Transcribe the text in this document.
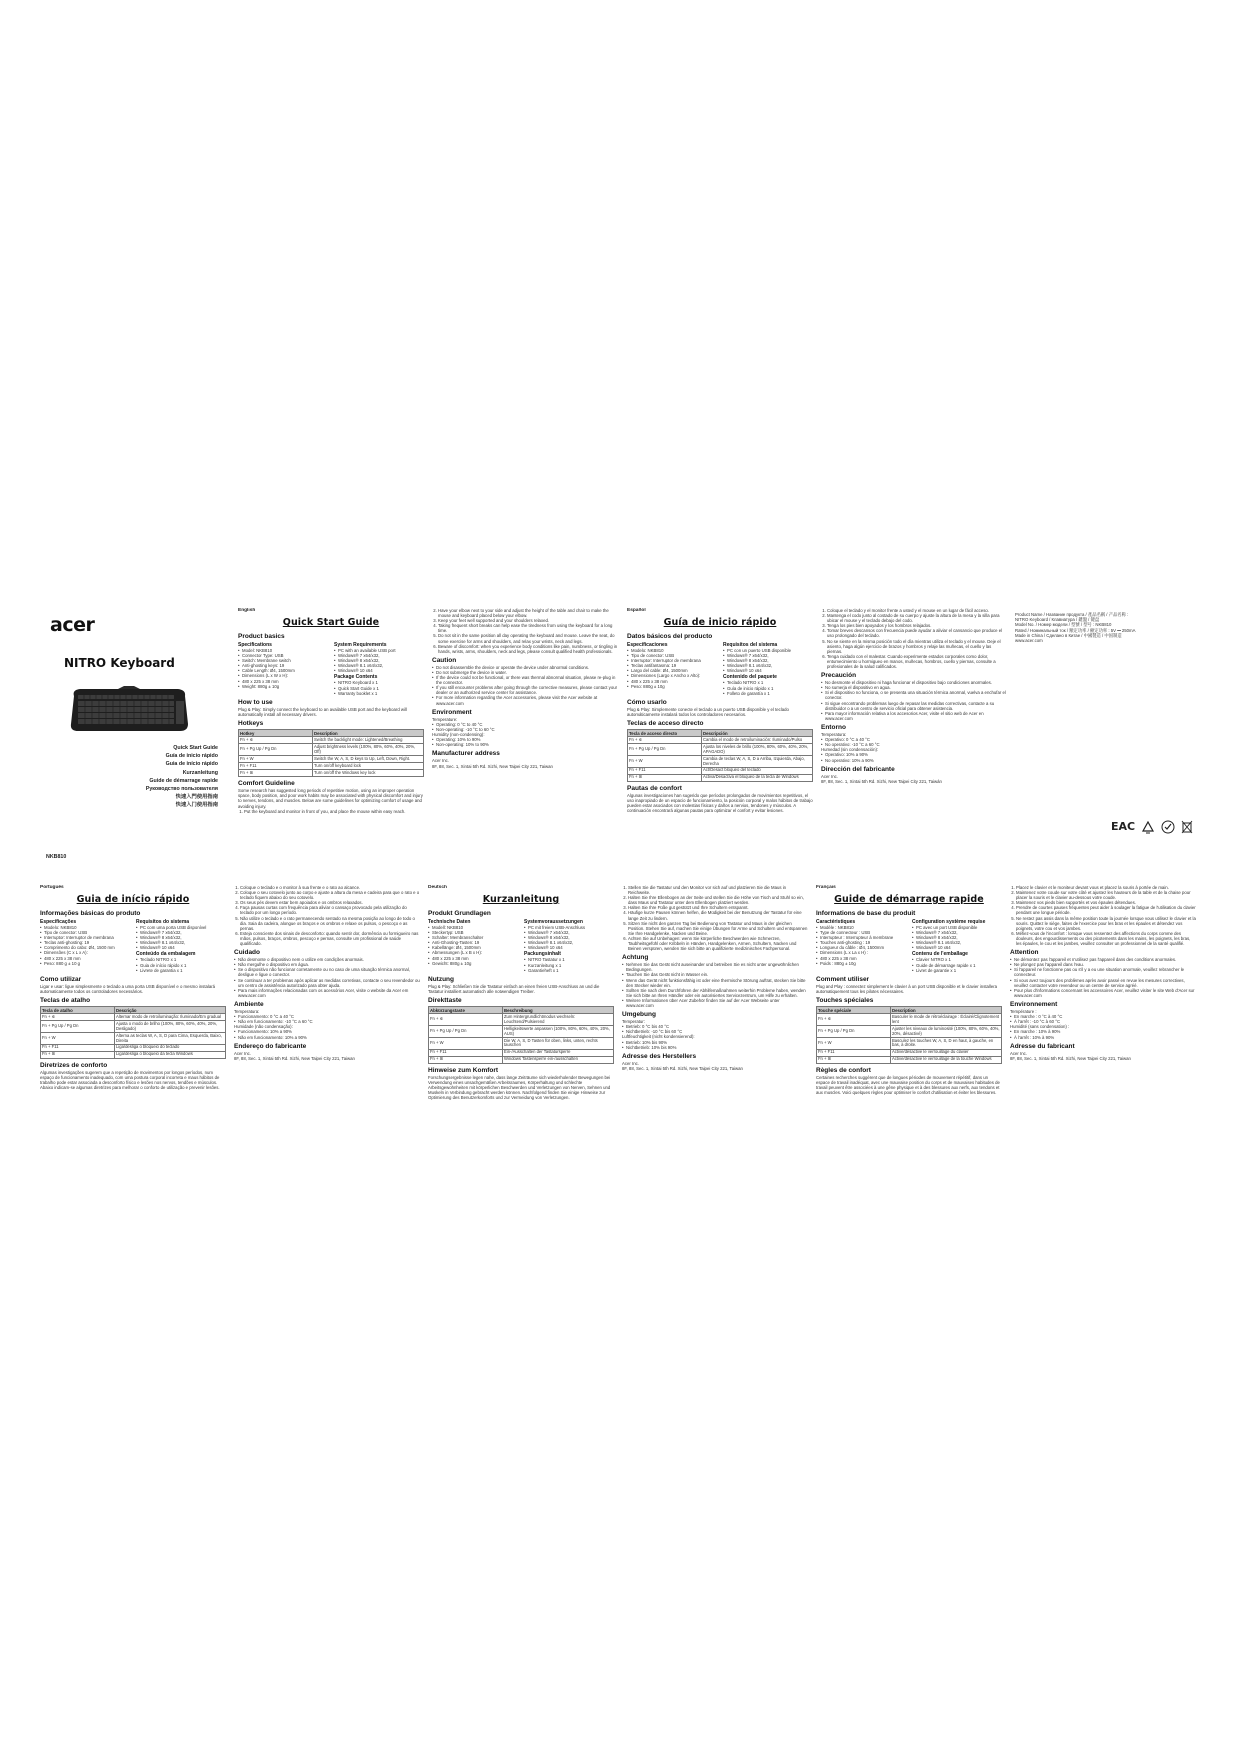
acer
NITRO Keyboard
Quick Start Guide
Guía de inicio rápido
Guia de início rápido
Kurzanleitung
Guide de démarrage rapide
Руководство пользователя
快速入門使用指南
快速入门使用指南
NKB810
English
Quick Start Guide
Product basics
Specifications
• Model: NKB810
• Connector Type: USB
• Switch: Membrane switch
• Anti-ghosting keys: 19
• Cable Length: Ø4, 1500mm
• Dimensions (L x W x H):
• 480 x 225 x 38 mm
• Weight: 880g ± 10g
System Requirements
• PC with an available USB port
• Windows® 7 x64/x32,
• Windows® 8 x64/x32,
• Windows® 8.1 x64/x32,
• Windows® 10 x64
Package Contents
• NITRO Keyboard x 1
• Quick Start Guide x 1
• Warranty booklet x 1
How to use

Plug & Play: Simply connect the keyboard to an available USB port and the keyboard will automatically install all necessary drivers.

Hotkeys
Hotkey	Description
Fn + ✲	Switch the backlight mode: Lightened/Breathing
Fn + Pg Up / Pg Dn	Adjust brightness levels (100%, 80%, 60%, 40%, 20%, Off)
Fn + W	Switch the W, A, S, D keys to Up, Left, Down, Right.
Fn + F11	Turn on/off keyboard lock
Fn + ⊞	Turn on/off the Windows key lock
Comfort Guideline

Some research has suggested long periods of repetitive motion, using an improper operation space, body position, and poor work habits may be associated with physical discomfort and injury to nerves, tendons, and muscles. Below are some guidelines for optimizing comfort of usage and avoiding injury.

1. Put the keyboard and monitor in front of you, and place the mouse within easy reach.
2. Have your elbow next to your side and adjust the height of the table and chair to make the mouse and keyboard placed below your elbow.
3. Keep your feet well supported and your shoulders relaxed.
4. Taking frequent short breaks can help ease the tiredness from using the keyboard for a long time.
5. Do not sit in the same position all day operating the keyboard and mouse. Leave the seat, do some exercise for arms and shoulders, and relax your wrists, neck and legs.
6. Beware of discomfort: when you experience body conditions like pain, numbness, or tingling in hands, wrists, arms, shoulders, neck and legs, please consult qualified health professionals.
Caution
• Do not disassemble the device or operate the device under abnormal conditions.
• Do not submerge the device in water.
• If the device could not be functional, or there was thermal abnormal situation, please re-plug in the connector.
• If you still encounter problems after going through the corrective measures, please contact your dealer or an authorized service center for assistance.
• For more information regarding the Acer accessories, please visit the Acer website at www.acer.com
Environment

Temperature:

• Operating: 0 °C to 40 °C
• Non-operating: -10 °C to 60 °C

Humidity (non-condensing):

• Operating: 10% to 90%
• Non-operating: 10% to 90%
Manufacturer address

Acer Inc.
8F, 88, Sec. 1, Xintai 5th Rd. Xizhi, New Taipei City 221, Taiwan

Español
Guía de inicio rápido
Datos básicos del producto
Especificaciones
• Modelo: NKB810
• Tipo de conector: USB
• Interruptor: Interruptor de membrana
• Teclas antifantasma: 19
• Largo del cable: Ø4, 1500mm
• Dimensiones (Largo x Ancho x Alto):
• 480 x 225 x 38 mm
• Peso: 880g ± 10g
Requisitos del sistema
• PC con un puerto USB disponible
• Windows® 7 x64/x32,
• Windows® 8 x64/x32,
• Windows® 8.1 x64/x32,
• Windows® 10 x64
Contenido del paquete
• Teclado NITRO x 1
• Guía de inicio rápido x 1
• Folleto de garantía x 1
Cómo usarlo

Plug & Play: Simplemente conecte el teclado a un puerto USB disponible y el teclado automáticamente instalará todos los controladores necesarios.

Teclas de acceso directo
Tecla de acceso directo	Descripción
Fn + ✲	Cambia el modo de retroiluminación: Iluminado/Pulso
Fn + Pg Up / Pg Dn	Ajusta los niveles de brillo (100%, 80%, 60%, 40%, 20%, APAGADO)
Fn + W	Cambia de teclas W, A, S, D a Arriba, Izquierda, Abajo, Derecha
Fn + F11	Act/Desact bloqueo del teclado
Fn + ⊞	Activa/Desactiva el bloqueo de la tecla de Windows
Pautas de confort

Algunas investigaciones han sugerido que períodos prolongados de movimientos repetitivos, el uso inapropiado de un espacio de funcionamiento, la posición corporal y malos hábitos de trabajo pueden estar asociados con molestias físicas y daños a nervios, tendones y músculos. A continuación encontrará algunas pautas para optimizar el confort y evitar lesiones.

1. Coloque el teclado y el monitor frente a usted y el mouse en un lugar de fácil acceso.
2. Mantenga el codo junto al costado de su cuerpo y ajuste la altura de la mesa y la silla para ubicar el mouse y el teclado debajo del codo.
3. Tenga los pies bien apoyados y los hombros relajados.
4. Tomar breves descansos con frecuencia puede ayudar a aliviar el cansancio que produce el uso prolongado del teclado.
5. No se siente en la misma posición todo el día mientras utiliza el teclado y el mouse. Deje el asiento, haga algún ejercicio de brazos y hombros y relaje las muñecas, el cuello y las piernas.
6. Tenga cuidado con el malestar. Cuando experimente estados corporales como dolor, entumecimiento u hormigueo en manos, muñecas, hombros, cuello y piernas, consulte a profesionales de la salud calificados.
Precaución
• No desmonte el dispositivo ni haga funcionar el dispositivo bajo condiciones anormales.
• No sumerja el dispositivo en agua.
• Si el dispositivo no funciona, o se presenta una situación térmica anormal, vuelva a enchufar el conector.
• Si sigue encontrando problemas luego de repasar las medidas correctivas, contacte a su distribuidor o a un centro de servicio oficial para obtener asistencia.
• Para mayor información relativa a los accesorios Acer, visite el sitio web de Acer en www.acer.com
Entorno

Temperatura:

• Operativo: 0 °C a 40 °C
• No operativo: -10 °C a 60 °C

Humedad (sin condensación):

• Operativo: 10% a 90%
• No operativo: 10% a 90%
Dirección del fabricante

Acer Inc.
8F, 88, Sec. 1, Xintai 5th Rd. Xizhi, New Taipei City 221, Taiwán

Product Name / Название продукта / 產品名稱 / 产品名称 :

NITRO Keyboard / Клавиатура / 鍵盤 / 键盘

Model No. / Номер модели / 型號 / 型号 : NKB810

Rated / Номинальный ток / 額定功率 / 额定功率 : 5V ⎓ 250mA

Made in China / Сделано в Китае / 中國製造 / 中国制造

www.acer.com

EAC
Português
Guia de início rápido
Informações básicas do produto
Especificações
• Modelo: NKB810
• Tipo de conector: USB
• Interruptor: Interruptor de membrana
• Teclas anti-ghosting: 19
• Comprimento do cabo: Ø4, 1500 mm
• Dimensões (C x L x A):
• 480 x 225 x 38 mm
• Peso: 880 g ± 10 g
Requisitos do sistema
• PC com uma porta USB disponível
• Windows® 7 x64/x32,
• Windows® 8 x64/x32,
• Windows® 8.1 x64/x32,
• Windows® 10 x64
Conteúdo da embalagem
• Teclado NITRO x 1
• Guia de início rápido x 1
• Livrete de garantia x 1
Como utilizar

Ligar e usar: ligue simplesmente o teclado a uma porta USB disponível e o mesmo instalará automaticamente todos os controladores necessários.

Teclas de atalho
Tecla de atalho	Descrição
Fn + ✲	Alternar modo de retroiluminação: Iluminado/Em gradual
Fn + Pg Up / Pg Dn	Ajusta o modo de brilho (100%, 80%, 60%, 40%, 20%, Desligado)
Fn + W	Alterna as teclas W, A, S, D para Cima, Esquerda, Baixo, Direita
Fn + F11	Liga/desliga o bloqueio do teclado
Fn + ⊞	Liga/desliga o bloqueio da tecla Windows
Diretrizes de conforto

Algumas investigações sugerem que a repetição de movimentos por longos períodos, num espaço de funcionamento inadequado, com uma postura corporal incorreta e maus hábitos de trabalho pode estar associada a desconforto físico e lesões nos nervos, tendões e músculos. Abaixo indicam-se algumas diretrizes para melhorar o conforto de utilização e prevenir lesões.

1. Coloque o teclado e o monitor à sua frente e o rato ao alcance.
2. Coloque o seu cotovelo junto ao corpo e ajuste a altura da mesa e cadeira para que o rato e o teclado fiquem abaixo do seu cotovelo.
3. Os seus pés devem estar bem apoiados e os ombros relaxados.
4. Faça pausas curtas com frequência para aliviar o cansaço provocado pela utilização do teclado por um longo período.
5. Não utilize o teclado e o rato permanecendo sentado na mesma posição ao longo de todo o dia. Saia da cadeira, alongue os braços e os ombros e relaxe os pulsos, o pescoço e as pernas.
6. Esteja consciente dos sinais de desconforto: quando sentir dor, dormência ou formigueiro nas mãos, pulsos, braços, ombros, pescoço e pernas, consulte um profissional de saúde qualificado.
Cuidado
• Não desmonte o dispositivo nem o utilize em condições anormais.
• Não mergulhe o dispositivo em água.
• Se o dispositivo não funcionar corretamente ou no caso de uma situação térmica anormal, desligue e ligue o conector.
• Se continuar a ter problemas após aplicar as medidas corretivas, contacte o seu revendedor ou um centro de assistência autorizado para obter ajuda.
• Para mais informações relacionadas com os acessórios Acer, visite o website da Acer em www.acer.com
Ambiente

Temperatura:

• Funcionamento: 0 °C a 40 °C
• Não em funcionamento: -10 °C a 60 °C

Humidade (não condensação):

• Funcionamento: 10% a 90%
• Não em funcionamento: 10% a 90%
Endereço do fabricante

Acer Inc.
8F, 88, Sec. 1, Xintai 5th Rd. Xizhi, New Taipei City 221, Taiwan

Deutsch
Kurzanleitung
Produkt Grundlagen
Technische Daten
• Modell: NKB810
• Steckertyp: USB
• Schalter: Membranschalter
• Anti-Ghosting-Tasten: 19
• Kabellänge: Ø4, 1500mm
• Abmessungen (L x B x H):
• 480 x 225 x 38 mm
• Gewicht: 880g ± 10g
Systemvoraussetzungen
• PC mit freiem USB-Anschluss
• Windows® 7 x64/x32,
• Windows® 8 x64/x32,
• Windows® 8.1 x64/x32,
• Windows® 10 x64
Packungsinhalt
• NITRO Tastatur x 1
• Kurzanleitung x 1
• Garantieheft x 1
Nutzung

Plug & Play: Schließen Sie die Tastatur einfach an einen freien USB-Anschluss an und die Tastatur installiert automatisch alle notwendigen Treiber.

Direkttaste
Abkürzungstaste	Beschreibung
Fn + ✲	Zum Hintergrundlichtmodus wechseln: Leuchtend/Pulsierend
Fn + Pg Up / Pg Dn	Helligkeitswerte anpassen (100%, 80%, 60%, 40%, 20%, AUS)
Fn + W	Die W, A, S, D Tasten für oben, links, unten, rechts tauschen
Fn + F11	Ein-/Ausschalten der Tastatursperre
Fn + ⊞	Windows Tastensperre ein-/ausschalten
Hinweise zum Komfort

Forschungsergebnisse legen nahe, dass lange Zeiträume sich wiederholender Bewegungen bei Verwendung eines unsachgemäßen Arbeitsraumes, Körperhaltung und schlechte Arbeitsgewohnheiten mit körperlichen Beschwerden und Verletzungen von Nerven, Sehnen und Muskeln in Verbindung gebracht werden können. Nachfolgend finden Sie einige Hinweise zur Optimierung des Benutzerkomforts und zur Vermeidung von Verletzungen.

1. Stellen Sie die Tastatur und den Monitor vor sich auf und platzieren Sie die Maus in Reichweite.
2. Halten Sie Ihre Ellenbogen an der Seite und stellen Sie die Höhe von Tisch und Stuhl so ein, dass Maus und Tastatur unter dem Ellenbogen platziert werden.
3. Halten Sie Ihre Füße gut gestützt und Ihre Schultern entspannt.
4. Häufige kurze Pausen können helfen, die Müdigkeit bei der Benutzung der Tastatur für eine lange Zeit zu lindern.
5. Sitzen Sie nicht den ganzen Tag bei Bedienung von Tastatur und Maus in der gleichen Position. Stehen Sie auf, machen Sie einige Übungen für Arme und Schultern und entspannen Sie Ihre Handgelenke, Nacken und Beine.
6. Achten Sie auf Unbehagen: wenn Sie körperliche Beschwerden wie Schmerzen, Taubheitsgefühl oder Kribbeln in Händen, Handgelenken, Armen, Schultern, Nacken und Beinen verspüren, wenden Sie sich bitte an qualifizierte medizinisches Fachpersonal.
Achtung
• Nehmen Sie das Gerät nicht auseinander und betreiben Sie es nicht unter ungewöhnlichen Bedingungen.
• Tauchen Sie das Gerät nicht in Wasser ein.
• Wenn das Gerät nicht funktionsfähig ist oder eine thermische Störung auftrat, stecken Sie bitte den Stecker wieder ein.
• Sollten Sie nach dem Durchführen der Abhilfemaßnahmen weiterhin Probleme haben, wenden Sie sich bitte an Ihren Händler oder ein autorisiertes Servicezentrum, um Hilfe zu erhalten.
• Weitere Informationen über Acer Zubehör finden Sie auf der Acer Webseite unter www.acer.com
Umgebung

Temperatur:

• Betrieb: 0 °C bis 40 °C
• Nichtbetrieb: -10 °C bis 60 °C

Luftfeuchtigkeit (nicht kondensierend):

• Betrieb: 10% bis 90%
• Nichtbetrieb: 10% bis 90%
Adresse des Herstellers

Acer Inc.
8F, 88, Sec. 1, Xintai 5th Rd. Xizhi, New Taipei City 221, Taiwan

Français
Guide de démarrage rapide
Informations de base du produit
Caractéristiques
• Modèle : NKB810
• Type de connecteur : USB
• Interrupteur : Interrupteur à membrane
• Touches anti-ghosting : 19
• Longueur du câble : Ø4, 1500mm
• Dimensions (L x La x H) :
• 480 x 225 x 38 mm
• Poids : 880g ± 10g
Configuration système requise
• PC avec un port USB disponible
• Windows® 7 x64/x32,
• Windows® 8 x64/x32,
• Windows® 8.1 x64/x32,
• Windows® 10 x64
Contenu de l'emballage
• Clavier NITRO x 1
• Guide de démarrage rapide x 1
• Livret de garantie x 1
Comment utiliser

Plug and Play : connectez simplement le clavier à un port USB disponible et le clavier installera automatiquement tous les pilotes nécessaires.

Touches spéciales
Touche spéciale	Description
Fn + ✲	Basculer le mode de rétroéclairage : Éclairé/Clignotement lent
Fn + Pg Up / Pg Dn	Ajuster les niveaux de luminosité (100%, 80%, 60%, 40%, 20%, désactivé)
Fn + W	Basculez les touches W, A, S, D en haut, à gauche, en bas, à droite.
Fn + F11	Active/désactive le verrouillage du clavier
Fn + ⊞	Active/désactive le verrouillage de la touche Windows
Règles de confort

Certaines recherches suggèrent que de longues périodes de mouvement répétitif, dans un espace de travail inadéquat, avec une mauvaise position du corps et de mauvaises habitudes de travail peuvent être associées à une gêne physique et à des blessures aux nerfs, aux tendons et aux muscles. Voici quelques règles pour optimiser le confort d'utilisation et éviter les blessures.

1. Placez le clavier et le moniteur devant vous et placez la souris à portée de main.
2. Maintenez votre coude sur votre côté et ajustez les hauteurs de la table et de la chaise pour placer la souris et le clavier au-dessous votre coude.
3. Maintenez vos pieds bien supportés et vos épaules détendues.
4. Prendre de courtes pauses fréquentes peut aider à soulager la fatigue de l'utilisation du clavier pendant une longue période.
5. Ne restez pas assis dans la même position toute la journée lorsque vous utilisez le clavier et la souris. Quittez le siège, faites de l'exercice pour les bras et les épaules et détendez vos poignets, votre cou et vos jambes.
6. Méfiez-vous de l'inconfort : lorsque vous ressentez des affections du corps comme des douleurs, des engourdissements ou des picotements dans les mains, les poignets, les bras, les épaules, le cou et les jambes, veuillez consulter un professionnel de la santé qualifié.
Attention
• Ne démontez pas l'appareil et n'utilisez pas l'appareil dans des conditions anormales.
• Ne plongez pas l'appareil dans l'eau.
• Si l'appareil ne fonctionne pas ou s'il y a eu une situation anormale, veuillez rebrancher le connecteur.
• Si vous avez toujours des problèmes après avoir passé en revue les mesures correctives, veuillez contacter votre revendeur ou un centre de service agréé.
• Pour plus d'informations concernant les accessoires Acer, veuillez visiter le site Web d'Acer sur www.acer.com
Environnement

Température :

• En marche : 0 °C à 40 °C
• À l'arrêt : -10 °C à 60 °C

Humidité (sans condensation) :

• En marche : 10% à 90%
• À l'arrêt : 10% à 90%
Adresse du fabricant

Acer Inc.
8F, 88, Sec. 1, Xintai 5th Rd. Xizhi, New Taipei City 221, Taiwan
